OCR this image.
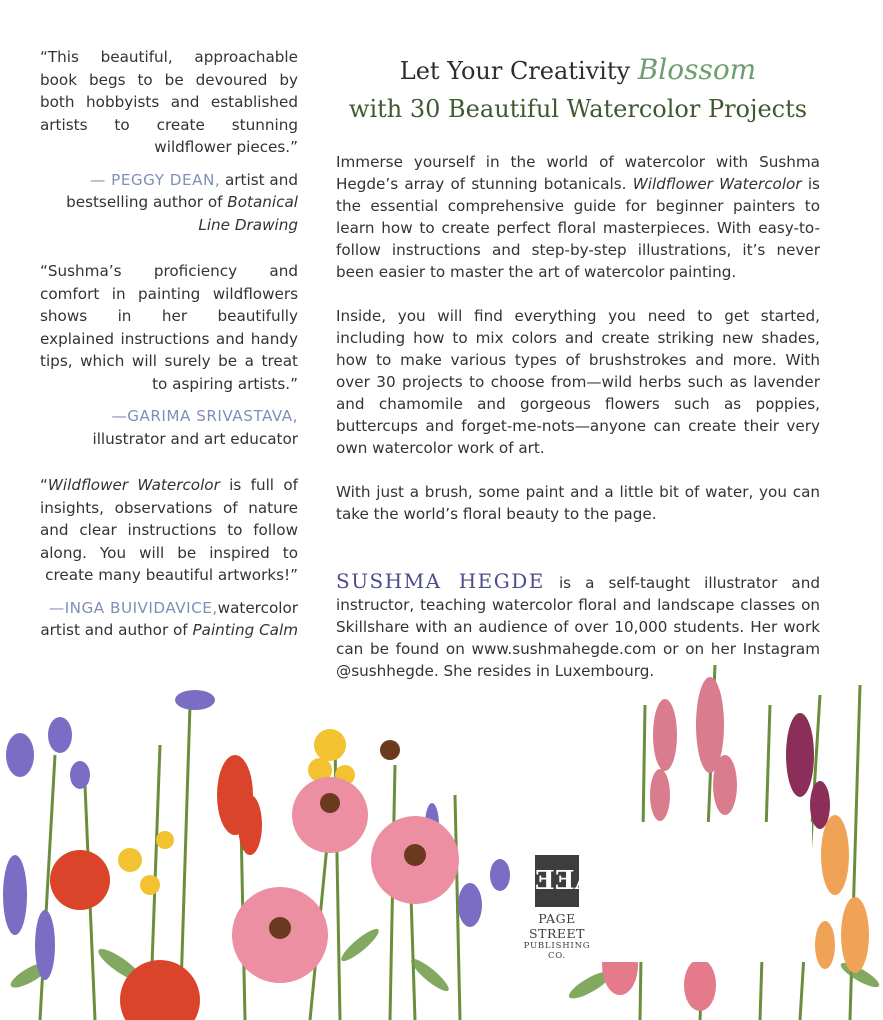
“This beautiful, approachable book begs to be devoured by both hobbyists and established artists to create stunning wildflower pieces.”

— PEGGY DEAN, artist and bestselling author of Botanical Line Drawing

“Sushma’s proficiency and comfort in painting wildflowers shows in her beautifully explained instructions and handy tips, which will surely be a treat to aspiring artists.”

—GARIMA SRIVASTAVA, illustrator and art educator

“Wildflower Watercolor is full of insights, observations of nature and clear instructions to follow along. You will be inspired to create many beautiful artworks!”

—INGA BUIVIDAVICE,watercolor artist and author of Painting Calm

Let Your Creativity Blossom
with 30 Beautiful Watercolor Projects

Immerse yourself in the world of watercolor with Sushma Hegde’s array of stunning botanicals. Wildflower Watercolor is the essential comprehensive guide for beginner painters to learn how to create perfect floral masterpieces. With easy-to-follow instructions and step-by-step illustrations, it’s never been easier to master the art of watercolor painting.

Inside, you will find everything you need to get started, including how to mix colors and create striking new shades, how to make various types of brushstrokes and more. With over 30 projects to choose from—wild herbs such as lavender and chamomile and gorgeous flowers such as poppies, buttercups and forget-me-nots—anyone can create their very own watercolor work of art.

With just a brush, some paint and a little bit of water, you can take the world’s floral beauty to the page.

SUSHMA HEGDE is a self-taught illustrator and instructor, teaching watercolor floral and landscape classes on Skillshare with an audience of over 10,000 students. Her work can be found on www.sushmahegde.com or on her Instagram @sushhegde. She resides in Luxembourg.

ƎƎA
PAGE STREET
PUBLISHING CO.
